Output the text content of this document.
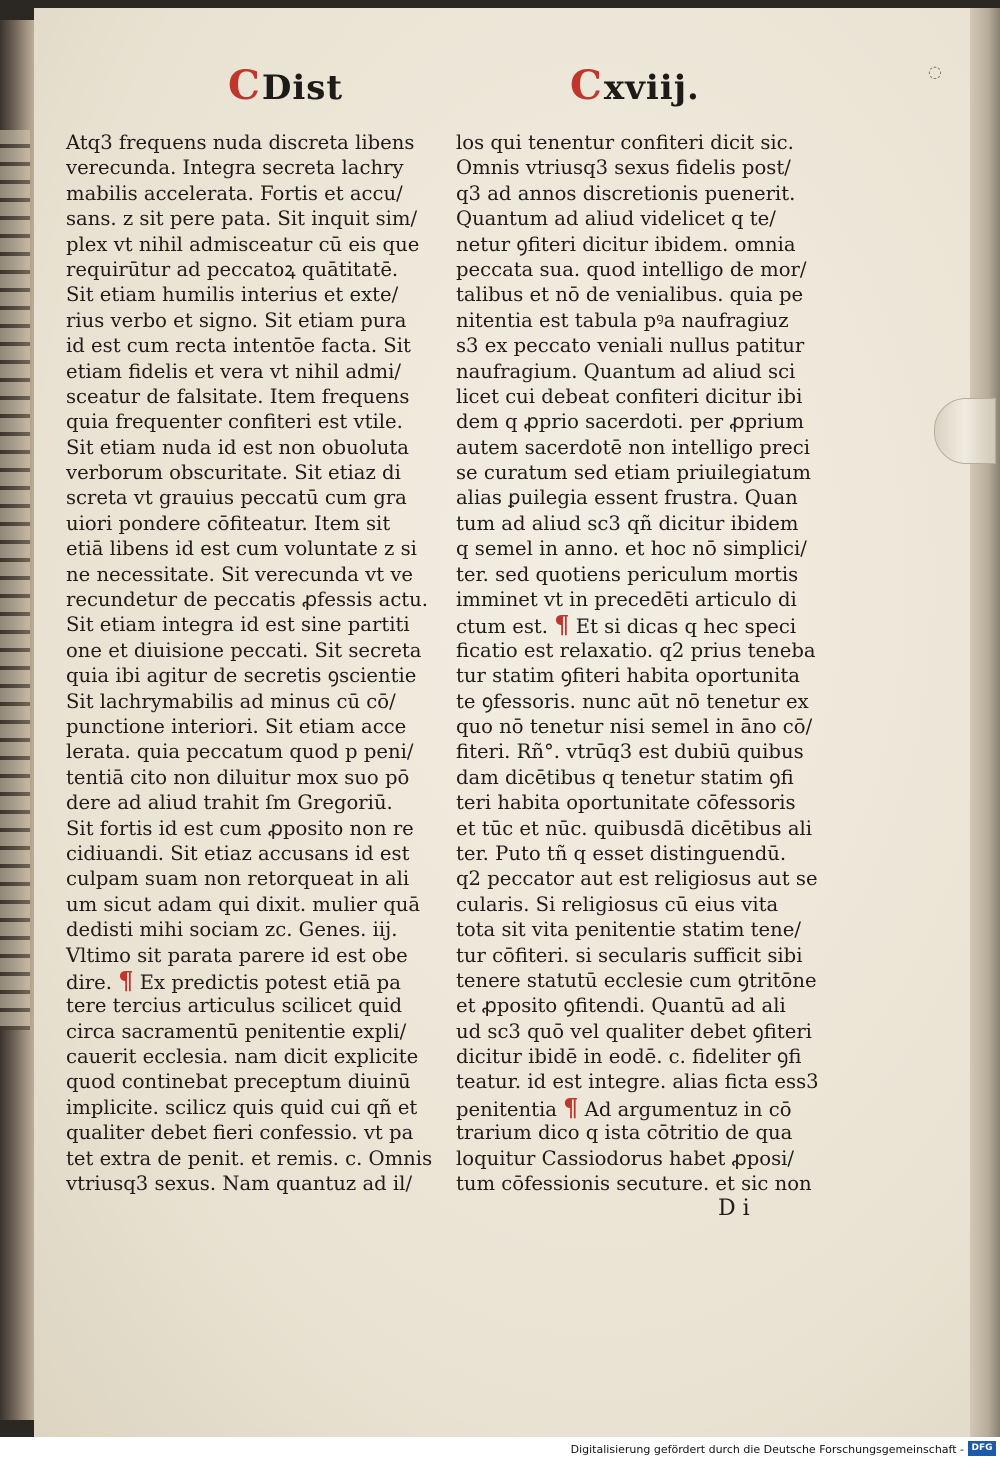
◌
CDist	Cxviij.
Atq3 frequens nuda discreta libens
verecunda. Integra secreta lachry
mabilis accelerata. Fortis et accu/
sans. z sit pere pata. Sit inquit sim/
plex vt nihil admisceatur cū eis que
requirūtur ad peccatoꝝ quātitatē.
Sit etiam humilis interius et exte/
rius verbo et signo. Sit etiam pura
id est cum recta intentōe facta. Sit
etiam fidelis et vera vt nihil admi/
sceatur de falsitate. Item frequens
quia frequenter confiteri est vtile.
Sit etiam nuda id est non obuoluta
verborum obscuritate. Sit etiaz di
screta vt grauius peccatū cum gra
uiori pondere cōfiteatur. Item sit
etiā libens id est cum voluntate z si
ne necessitate. Sit verecunda vt ve
recundetur de peccatis ꝓfessis actu.
Sit etiam integra id est sine partiti
one et diuisione peccati. Sit secreta
quia ibi agitur de secretis ꝯscientie
Sit lachrymabilis ad minus cū cō/
punctione interiori. Sit etiam acce
lerata. quia peccatum quod p peni/
tentiā cito non diluitur mox suo pō
dere ad aliud trahit ſm Gregoriū.
Sit fortis id est cum ꝓposito non re
cidiuandi. Sit etiaz accusans id est
culpam suam non retorqueat in ali
um sicut adam qui dixit. mulier quā
dedisti mihi sociam zc. Genes. iij.
Vltimo sit parata parere id est obe
dire. ¶ Ex predictis potest etiā pa
tere tercius articulus scilicet quid
circa sacramentū penitentie expli/
cauerit ecclesia. nam dicit explicite
quod continebat preceptum diuinū
implicite. scilicz quis quid cui qñ et
qualiter debet fieri confessio. vt pa
tet extra de penit. et remis. c. Omnis
vtriusq3 sexus. Nam quantuz ad il/
los qui tenentur confiteri dicit sic.
Omnis vtriusq3 sexus fidelis post/
q3 ad annos discretionis puenerit.
Quantum ad aliud videlicet q te/
netur ꝯfiteri dicitur ibidem. omnia
peccata sua. quod intelligo de mor/
talibus et nō de venialibus. quia pe
nitentia est tabula pꝰa naufragiuz
s3 ex peccato veniali nullus patitur
naufragium. Quantum ad aliud sci
licet cui debeat confiteri dicitur ibi
dem q ꝓprio sacerdoti. per ꝓprium
autem sacerdotē non intelligo preci
se curatum sed etiam priuilegiatum
alias ꝑuilegia essent frustra. Quan
tum ad aliud sc3 qñ dicitur ibidem
q semel in anno. et hoc nō simplici/
ter. sed quotiens periculum mortis
imminet vt in precedēti articulo di
ctum est. ¶ Et si dicas q hec speci
ficatio est relaxatio. q2 prius teneba
tur statim ꝯfiteri habita oportunita
te ꝯfessoris. nunc aūt nō tenetur ex
quo nō tenetur nisi semel in āno cō/
fiteri. Rñ°. vtrūq3 est dubiū quibus
dam dicētibus q tenetur statim ꝯfi
teri habita oportunitate cōfessoris
et tūc et nūc. quibusdā dicētibus ali
ter. Puto tñ q esset distinguendū.
q2 peccator aut est religiosus aut se
cularis. Si religiosus cū eius vita
tota sit vita penitentie statim tene/
tur cōfiteri. si secularis sufficit sibi
tenere statutū ecclesie cum ꝯtritōne
et ꝓposito ꝯfitendi. Quantū ad ali
ud sc3 quō vel qualiter debet ꝯfiteri
dicitur ibidē in eodē. c. fideliter ꝯfi
teatur. id est integre. alias ficta ess3
penitentia ¶ Ad argumentuz in cō
trarium dico q ista cōtritio de qua
loquitur Cassiodorus habet ꝓposi/
tum cōfessionis secuture. et sic non
D i
Digitalisierung gefördert durch die Deutsche Forschungsgemeinschaft - DFG
